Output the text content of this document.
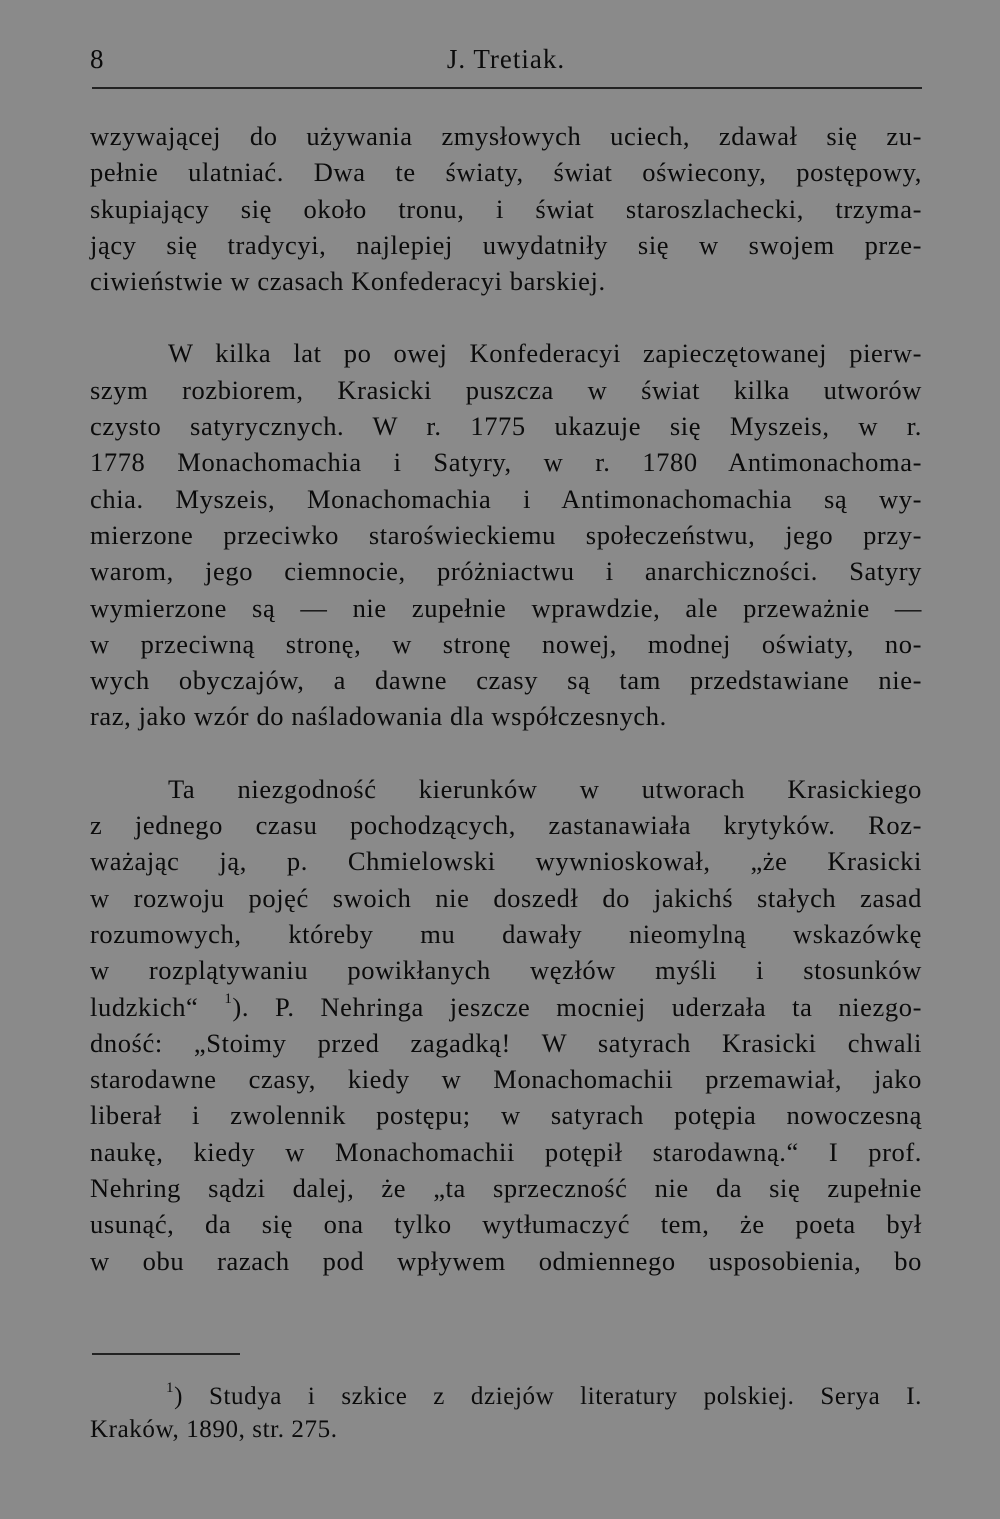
8	J. Tretiak.
wzywającej do używania zmysłowych uciech, zdawał się zu-
pełnie ulatniać. Dwa te światy, świat oświecony, postępowy,
skupiający się około tronu, i świat staroszlachecki, trzyma-
jący się tradycyi, najlepiej uwydatniły się w swojem prze-
ciwieństwie w czasach Konfederacyi barskiej.
W kilka lat po owej Konfederacyi zapieczętowanej pierw-
szym rozbiorem, Krasicki puszcza w świat kilka utworów
czysto satyrycznych. W r. 1775 ukazuje się Myszeis, w r.
1778 Monachomachia i Satyry, w r. 1780 Antimonachoma-
chia. Myszeis, Monachomachia i Antimonachomachia są wy-
mierzone przeciwko staroświeckiemu społeczeństwu, jego przy-
warom, jego ciemnocie, próżniactwu i anarchiczności. Satyry
wymierzone są — nie zupełnie wprawdzie, ale przeważnie —
w przeciwną stronę, w stronę nowej, modnej oświaty, no-
wych obyczajów, a dawne czasy są tam przedstawiane nie-
raz, jako wzór do naśladowania dla współczesnych.
Ta niezgodność kierunków w utworach Krasickiego
z jednego czasu pochodzących, zastanawiała krytyków. Roz-
ważając ją, p. Chmielowski wywnioskował, „że Krasicki
w rozwoju pojęć swoich nie doszedł do jakichś stałych zasad
rozumowych, któreby mu dawały nieomylną wskazówkę
w rozplątywaniu powikłanych węzłów myśli i stosunków
ludzkich“ $^1$). P. Nehringa jeszcze mocniej uderzała ta niezgo-
dność: „Stoimy przed zagadką! W satyrach Krasicki chwali
starodawne czasy, kiedy w Monachomachii przemawiał, jako
liberał i zwolennik postępu; w satyrach potępia nowoczesną
naukę, kiedy w Monachomachii potępił starodawną.“ I prof.
Nehring sądzi dalej, że „ta sprzeczność nie da się zupełnie
usunąć, da się ona tylko wytłumaczyć tem, że poeta był
w obu razach pod wpływem odmiennego usposobienia, bo
$^1$) Studya i szkice z dziejów literatury polskiej. Serya I.
Kraków, 1890, str. 275.
